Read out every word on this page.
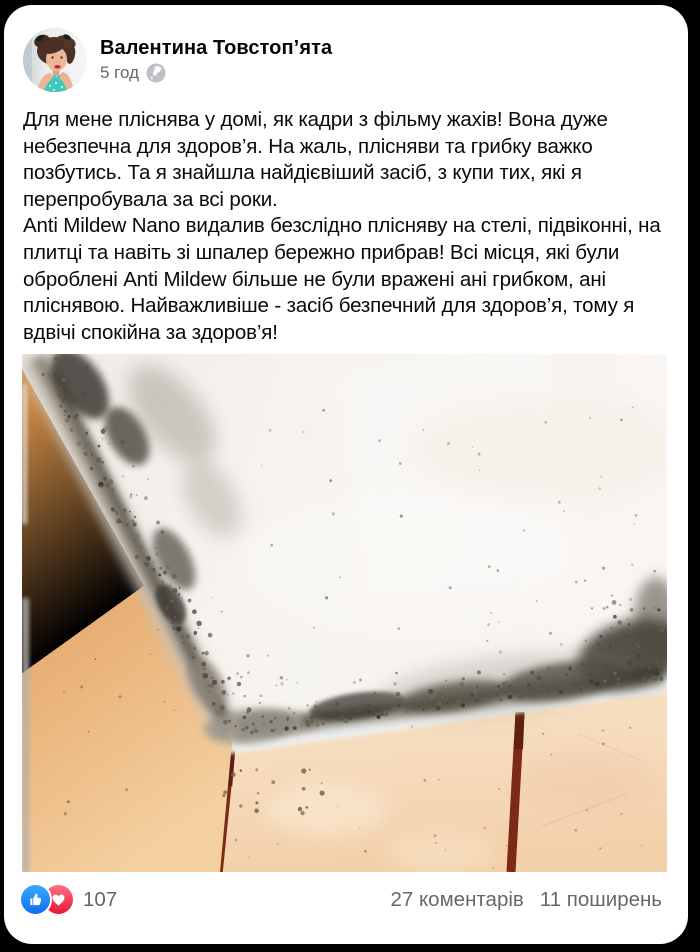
Валентина Товстоп’ята
5 год

Для мене пліснява у домі, як кадри з фільму жахів! Вона дуже небезпечна для здоров’я. На жаль, плісняви та грибку важко позбутись. Та я знайшла найдієвіший засіб, з купи тих, які я перепробувала за всі роки.

Anti Mildew Nano видалив безслідно плісняву на стелі, підвіконні, на плитці та навіть зі шпалер бережно прибрав! Всі місця, які були оброблені Anti Mildew більше не були вражені ані грибком, ані пліснявою. Найважливіше - засіб безпечний для здоров’я, тому я вдвічі спокійна за здоров’я!

107	27 коментарів 11 поширень
